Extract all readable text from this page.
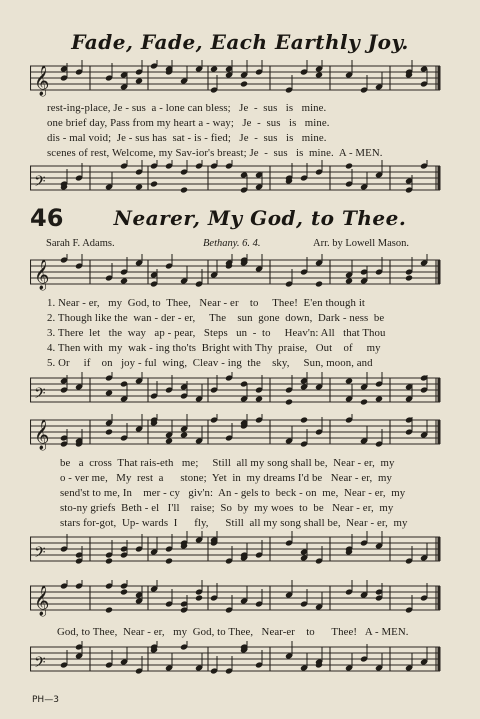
Fade, Fade, Each Earthly Joy.
𝄞
rest-ing-place, Je - sus  a - lone can bless;   Je  -  sus   is   mine.
one brief day, Pass from my heart a - way;   Je  -  sus   is   mine.
dis - mal void;  Je - sus has  sat - is - fied;   Je  -  sus   is   mine.
scenes of rest, Welcome, my Sav-ior's breast; Je  -  sus   is  mine.  A - MEN.
𝄢
46	Nearer, My God, to Thee.
Sarah F. Adams.	Bethany. 6. 4.	Arr. by Lowell Mason.
𝄞
1. Near - er,   my  God, to  Thee,   Near - er    to     Thee!  E'en though it
2. Though like the  wan - der - er,     The    sun  gone  down,  Dark - ness  be
3. There  let   the  way   ap - pear,   Steps   un  -  to     Heav'n: All   that Thou
4. Then with  my  wak - ing tho'ts  Bright with Thy  praise,   Out    of     my
5. Or     if    on   joy - ful  wing,  Cleav - ing  the    sky,     Sun, moon, and
𝄢
𝄞
be   a  cross  That rais-eth   me;     Still  all my song shall be,  Near - er,  my
o - ver me,   My  rest  a      stone;  Yet  in  my dreams I'd be   Near - er,  my
send'st to me, In    mer - cy   giv'n:  An - gels to  beck - on  me,  Near - er,  my
sto-ny griefs  Beth - el   I'll    raise;  So  by  my woes  to  be   Near - er,  my
stars for-got,  Up- wards  I      fly,      Still  all my song shall be,  Near - er,  my
𝄢
𝄞
God, to Thee,  Near - er,   my  God, to Thee,   Near-er    to      Thee!   A - MEN.
𝄢
PH—3
